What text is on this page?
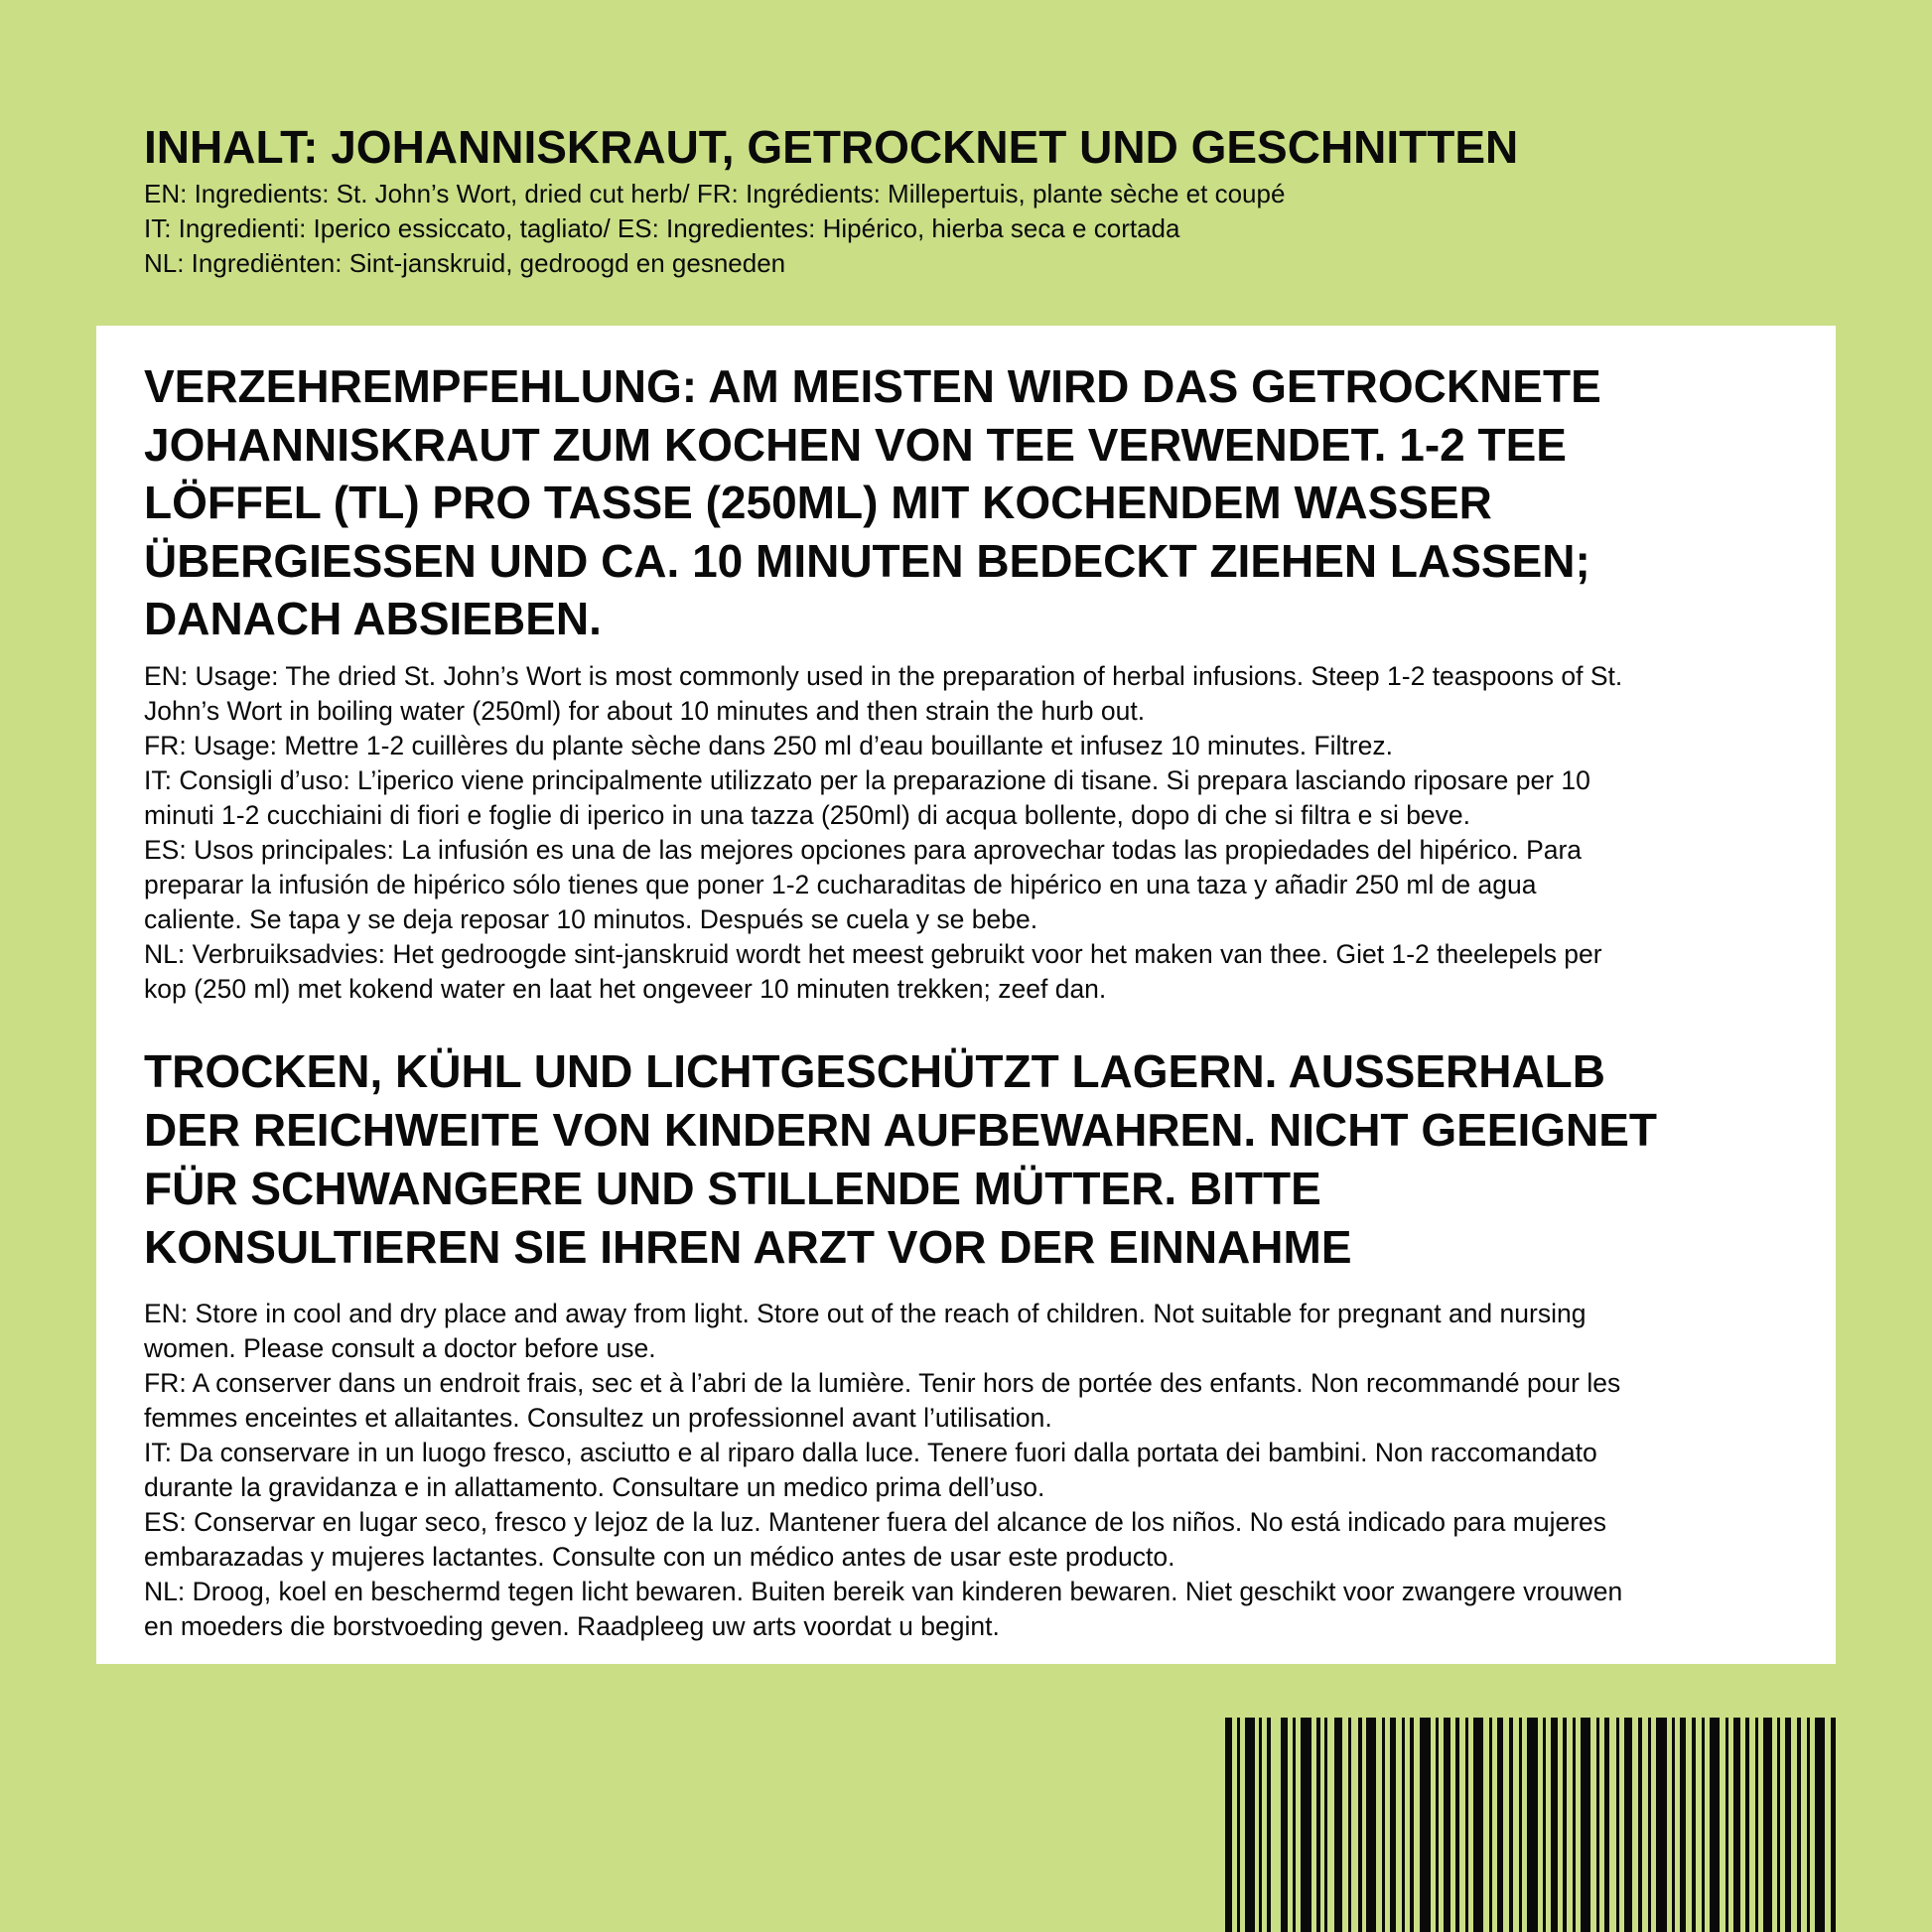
INHALT: JOHANNISKRAUT, GETROCKNET UND GESCHNITTEN

EN: Ingredients: St. John’s Wort, dried cut herb/ FR: Ingrédients: Millepertuis, plante sèche et coupé

IT: Ingredienti: Iperico essiccato, tagliato/ ES: Ingredientes: Hipérico, hierba seca e cortada

NL: Ingrediënten: Sint-janskruid, gedroogd en gesneden

VERZEHREMPFEHLUNG: AM MEISTEN WIRD DAS GETROCKNETE
JOHANNISKRAUT ZUM KOCHEN VON TEE VERWENDET. 1-2 TEE
LÖFFEL (TL) PRO TASSE (250ML) MIT KOCHENDEM WASSER
ÜBERGIESSEN UND CA. 10 MINUTEN BEDECKT ZIEHEN LASSEN;
DANACH ABSIEBEN.

EN: Usage: The dried St. John’s Wort is most commonly used in the preparation of herbal infusions. Steep 1-2 teaspoons of St.
John’s Wort in boiling water (250ml) for about 10 minutes and then strain the hurb out.
FR: Usage: Mettre 1-2 cuillères du plante sèche dans 250 ml d’eau bouillante et infusez 10 minutes. Filtrez.
IT: Consigli d’uso: L’iperico viene principalmente utilizzato per la preparazione di tisane. Si prepara lasciando riposare per 10
minuti 1-2 cucchiaini di fiori e foglie di iperico in una tazza (250ml) di acqua bollente, dopo di che si filtra e si beve.
ES: Usos principales: La infusión es una de las mejores opciones para aprovechar todas las propiedades del hipérico. Para
preparar la infusión de hipérico sólo tienes que poner 1-2 cucharaditas de hipérico en una taza y añadir 250 ml de agua
caliente. Se tapa y se deja reposar 10 minutos. Después se cuela y se bebe.
NL: Verbruiksadvies: Het gedroogde sint-janskruid wordt het meest gebruikt voor het maken van thee. Giet 1-2 theelepels per
kop (250 ml) met kokend water en laat het ongeveer 10 minuten trekken; zeef dan.

TROCKEN, KÜHL UND LICHTGESCHÜTZT LAGERN. AUSSERHALB
DER REICHWEITE VON KINDERN AUFBEWAHREN. NICHT GEEIGNET
FÜR SCHWANGERE UND STILLENDE MÜTTER. BITTE
KONSULTIEREN SIE IHREN ARZT VOR DER EINNAHME

EN: Store in cool and dry place and away from light. Store out of the reach of children. Not suitable for pregnant and nursing
women. Please consult a doctor before use.
FR: A conserver dans un endroit frais, sec et à l’abri de la lumière. Tenir hors de portée des enfants. Non recommandé pour les
femmes enceintes et allaitantes. Consultez un professionnel avant l’utilisation.
IT: Da conservare in un luogo fresco, asciutto e al riparo dalla luce. Tenere fuori dalla portata dei bambini. Non raccomandato
durante la gravidanza e in allattamento. Consultare un medico prima dell’uso.
ES: Conservar en lugar seco, fresco y lejoz de la luz. Mantener fuera del alcance de los niños. No está indicado para mujeres
embarazadas y mujeres lactantes. Consulte con un médico antes de usar este producto.
NL: Droog, koel en beschermd tegen licht bewaren. Buiten bereik van kinderen bewaren. Niet geschikt voor zwangere vrouwen
en moeders die borstvoeding geven. Raadpleeg uw arts voordat u begint.
